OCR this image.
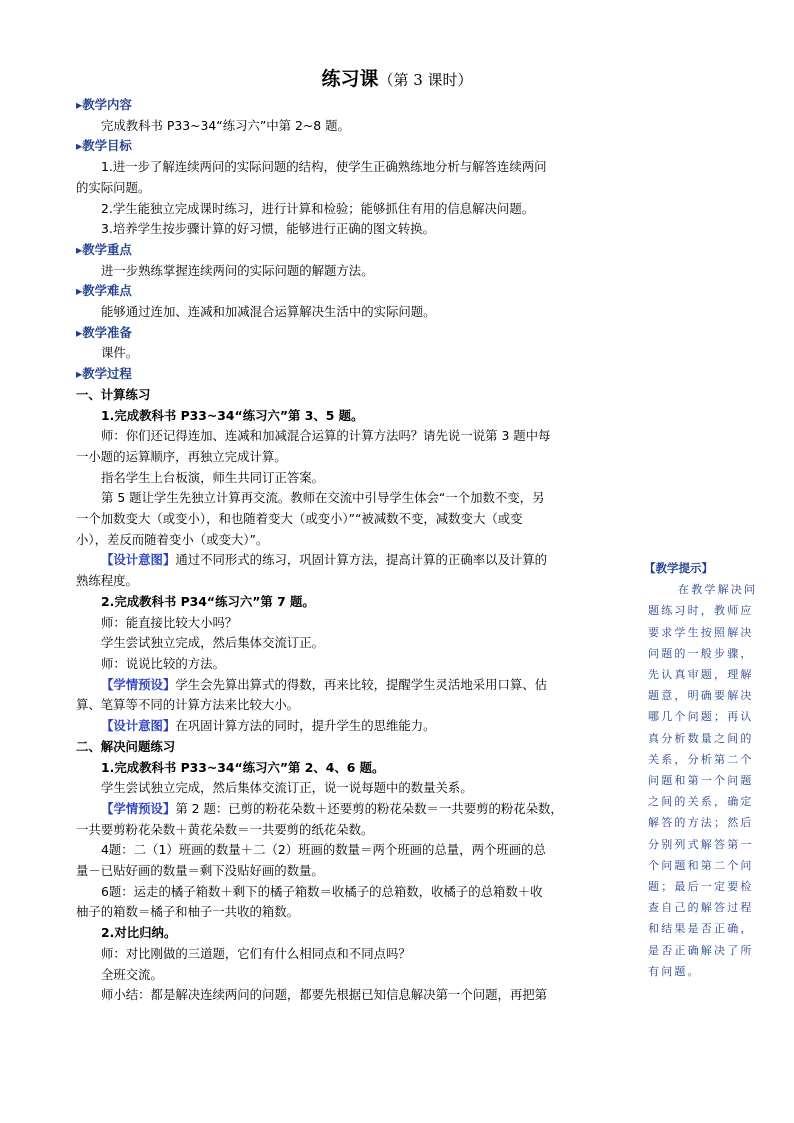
练习课（第 3 课时）
▸教学内容
完成教科书 P33~34“练习六”中第 2~8 题。
▸教学目标
1.进一步了解连续两问的实际问题的结构，使学生正确熟练地分析与解答连续两问
的实际问题。
2.学生能独立完成课时练习，进行计算和检验；能够抓住有用的信息解决问题。
3.培养学生按步骤计算的好习惯，能够进行正确的图文转换。
▸教学重点
进一步熟练掌握连续两问的实际问题的解题方法。
▸教学难点
能够通过连加、连减和加减混合运算解决生活中的实际问题。
▸教学准备
课件。
▸教学过程
一、计算练习
1.完成教科书 P33~34“练习六”第 3、5 题。
师：你们还记得连加、连减和加减混合运算的计算方法吗？请先说一说第 3 题中每
一小题的运算顺序，再独立完成计算。
指名学生上台板演，师生共同订正答案。
第 5 题让学生先独立计算再交流。教师在交流中引导学生体会“一个加数不变，另
一个加数变大（或变小），和也随着变大（或变小）”“被减数不变，减数变大（或变
小），差反而随着变小（或变大）”。
【设计意图】通过不同形式的练习，巩固计算方法，提高计算的正确率以及计算的
熟练程度。
2.完成教科书 P34“练习六”第 7 题。
师：能直接比较大小吗？
学生尝试独立完成，然后集体交流订正。
师：说说比较的方法。
【学情预设】学生会先算出算式的得数，再来比较，提醒学生灵活地采用口算、估
算、笔算等不同的计算方法来比较大小。
【设计意图】在巩固计算方法的同时，提升学生的思维能力。
二、解决问题练习
1.完成教科书 P33~34“练习六”第 2、4、6 题。
学生尝试独立完成，然后集体交流订正，说一说每题中的数量关系。
【学情预设】第 2 题：已剪的粉花朵数＋还要剪的粉花朵数＝一共要剪的粉花朵数，
一共要剪粉花朵数＋黄花朵数＝一共要剪的纸花朵数。
4题：二（1）班画的数量＋二（2）班画的数量＝两个班画的总量，两个班画的总
量－已贴好画的数量＝剩下没贴好画的数量。
6题：运走的橘子箱数＋剩下的橘子箱数＝收橘子的总箱数，收橘子的总箱数＋收
柚子的箱数＝橘子和柚子一共收的箱数。
2.对比归纳。
师：对比刚做的三道题，它们有什么相同点和不同点吗？
全班交流。
师小结：都是解决连续两问的问题，都要先根据已知信息解决第一个问题，再把第
【教学提示】
在教学解决问
题练习时，教师应
要求学生按照解决
问题的一般步骤，
先认真审题，理解
题意，明确要解决
哪几个问题；再认
真分析数量之间的
关系，分析第二个
问题和第一个问题
之间的关系，确定
解答的方法；然后
分别列式解答第一
个问题和第二个问
题；最后一定要检
查自己的解答过程
和结果是否正确，
是否正确解决了所
有问题。
